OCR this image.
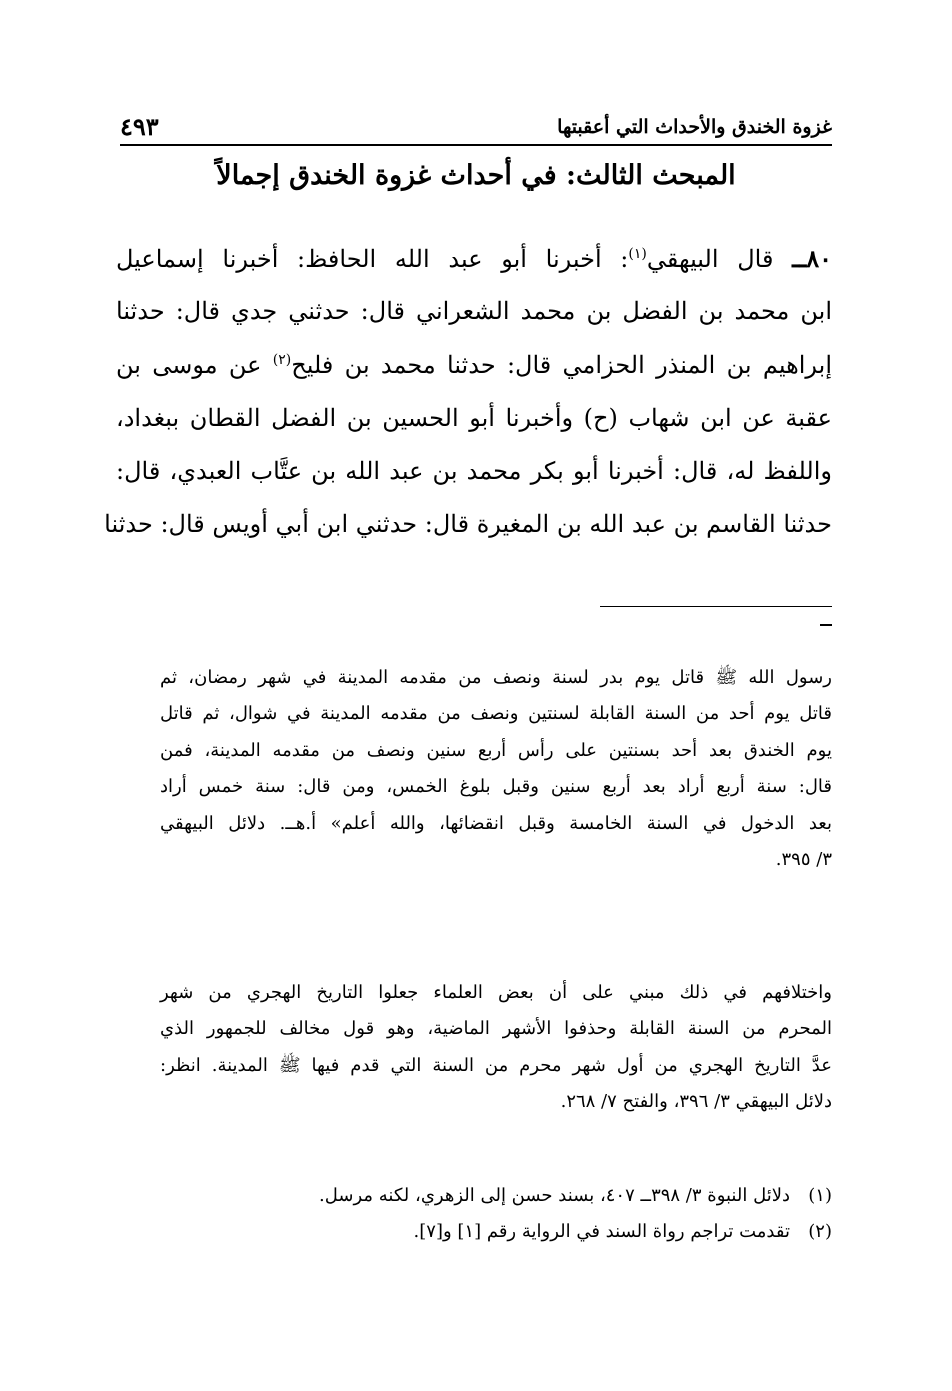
غزوة الخندق والأحداث التي أعقبتها
٤٩٣
المبحث الثالث: في أحداث غزوة الخندق إجمالاً
٨٠ــ قال البيهقي$^{(١)}$: أخبرنا أبو عبد الله الحافظ: أخبرنا إسماعيل
ابن محمد بن الفضل بن محمد الشعراني قال: حدثني جدي قال: حدثنا
إبراهيم بن المنذر الحزامي قال: حدثنا محمد بن فليح$^{(٢)}$ عن موسى بن
عقبة عن ابن شهاب (ح) وأخبرنا أبو الحسين بن الفضل القطان ببغداد،
واللفظ له، قال: أخبرنا أبو بكر محمد بن عبد الله بن عتَّاب العبدي، قال:
حدثنا القاسم بن عبد الله بن المغيرة قال: حدثني ابن أبي أويس قال: حدثنا
رسول الله ﷺ قاتل يوم بدر لسنة ونصف من مقدمه المدينة في شهر رمضان، ثم
قاتل يوم أحد من السنة القابلة لسنتين ونصف من مقدمه المدينة في شوال، ثم قاتل
يوم الخندق بعد أحد بسنتين على رأس أربع سنين ونصف من مقدمه المدينة، فمن
قال: سنة أربع أراد بعد أربع سنين وقبل بلوغ الخمس، ومن قال: سنة خمس أراد
بعد الدخول في السنة الخامسة وقبل انقضائها، والله أعلم» أ.هــ. دلائل البيهقي
٣/ ٣٩٥.
واختلافهم في ذلك مبني على أن بعض العلماء جعلوا التاريخ الهجري من شهر
المحرم من السنة القابلة وحذفوا الأشهر الماضية، وهو قول مخالف للجمهور الذي
عدَّ التاريخ الهجري من أول شهر محرم من السنة التي قدم فيها ﷺ المدينة. انظر:
دلائل البيهقي ٣/ ٣٩٦، والفتح ٧/ ٢٦٨.
(١)
دلائل النبوة ٣/ ٣٩٨ــ ٤٠٧، بسند حسن إلى الزهري، لكنه مرسل.
(٢)
تقدمت تراجم رواة السند في الرواية رقم [١] و[٧].
